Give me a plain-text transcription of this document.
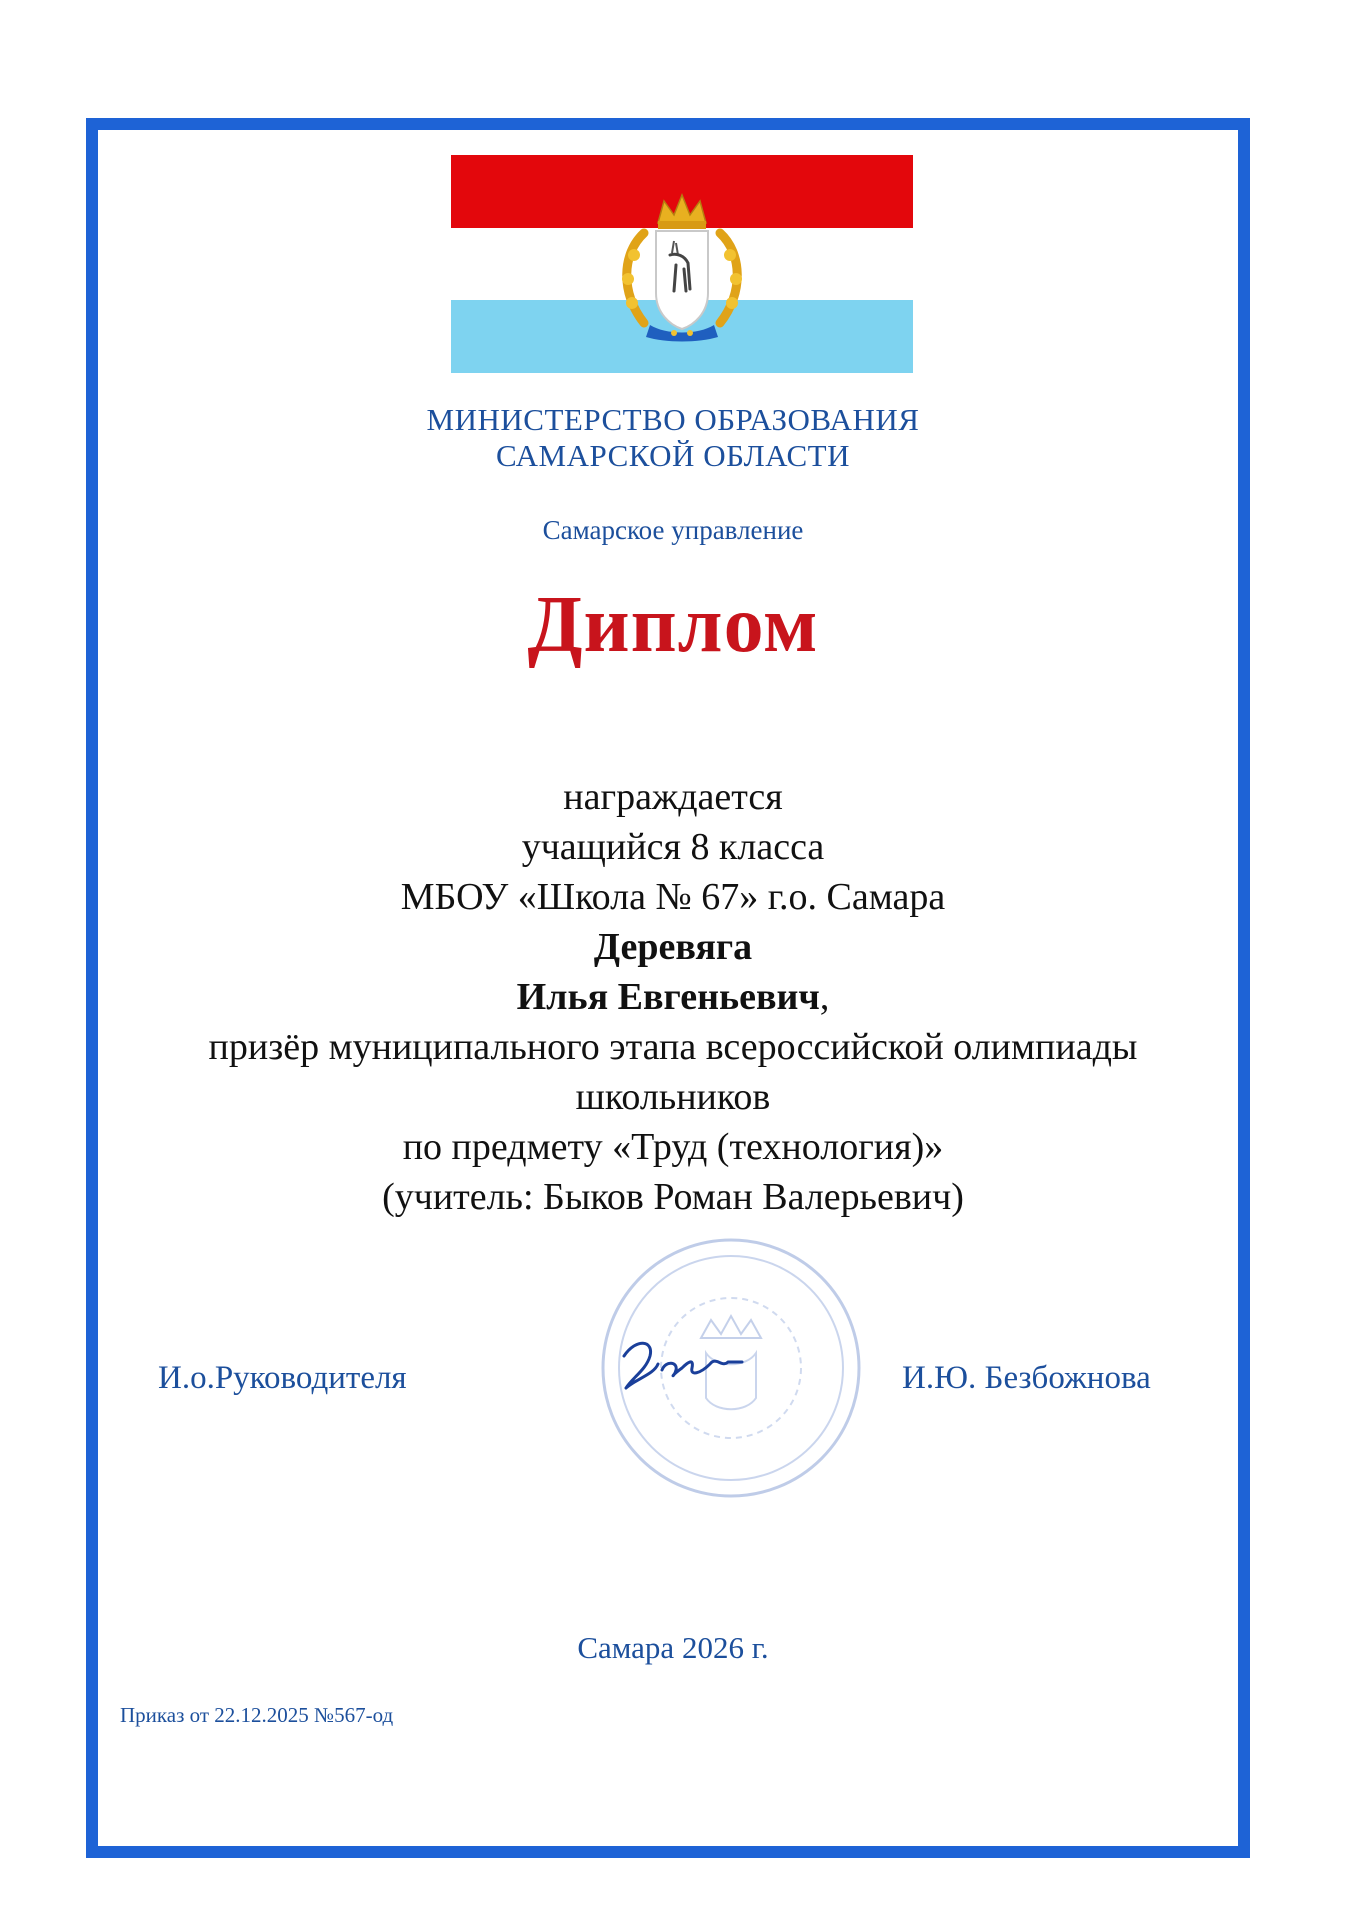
МИНИСТЕРСТВО ОБРАЗОВАНИЯ
САМАРСКОЙ ОБЛАСТИ
Самарское управление
Диплом
награждается
учащийся 8 класса
МБОУ «Школа № 67» г.о. Самара
Деревяга
Илья Евгеньевич,
призёр муниципального этапа всероссийской олимпиады
школьников
по предмету «Труд (технология)»
(учитель: Быков Роман Валерьевич)
И.о.Руководителя	И.Ю. Безбожнова
Самара 2026 г.
Приказ от 22.12.2025 №567-од
